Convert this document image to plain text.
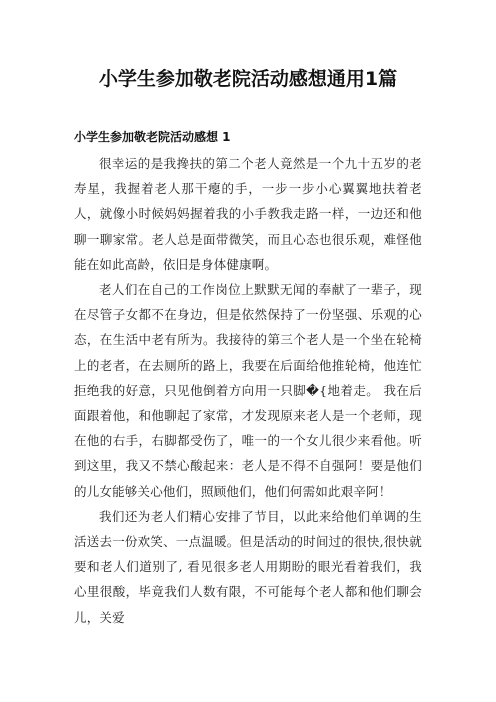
小学生参加敬老院活动感想通用1篇
小学生参加敬老院活动感想 1

很幸运的是我搀扶的第二个老人竟然是一个九十五岁的老寿星，我握着老人那干瘪的手，一步一步小心翼翼地扶着老人，就像小时候妈妈握着我的小手教我走路一样，一边还和他聊一聊家常。老人总是面带微笑，而且心态也很乐观，难怪他能在如此高龄，依旧是身体健康啊。

老人们在自己的工作岗位上默默无闻的奉献了一辈子，现在尽管子女都不在身边，但是依然保持了一份坚强、乐观的心态，在生活中老有所为。我接待的第三个老人是一个坐在轮椅上的老者，在去厕所的路上，我要在后面给他推轮椅，他连忙拒绝我的好意，只见他倒着方向用一只脚�{地着走。 我在后面跟着他，和他聊起了家常，才发现原来老人是一个老师，现在他的右手，右脚都受伤了，唯一的一个女儿很少来看他。听到这里，我又不禁心酸起来：老人是不得不自强阿！要是他们的儿女能够关心他们，照顾他们，他们何需如此艰辛阿！

我们还为老人们精心安排了节目，以此来给他们单调的生活送去一份欢笑、一点温暖。但是活动的时间过的很快,很快就要和老人们道别了, 看见很多老人用期盼的眼光看着我们，我心里很酸，毕竟我们人数有限，不可能每个老人都和他们聊会儿，关爱
